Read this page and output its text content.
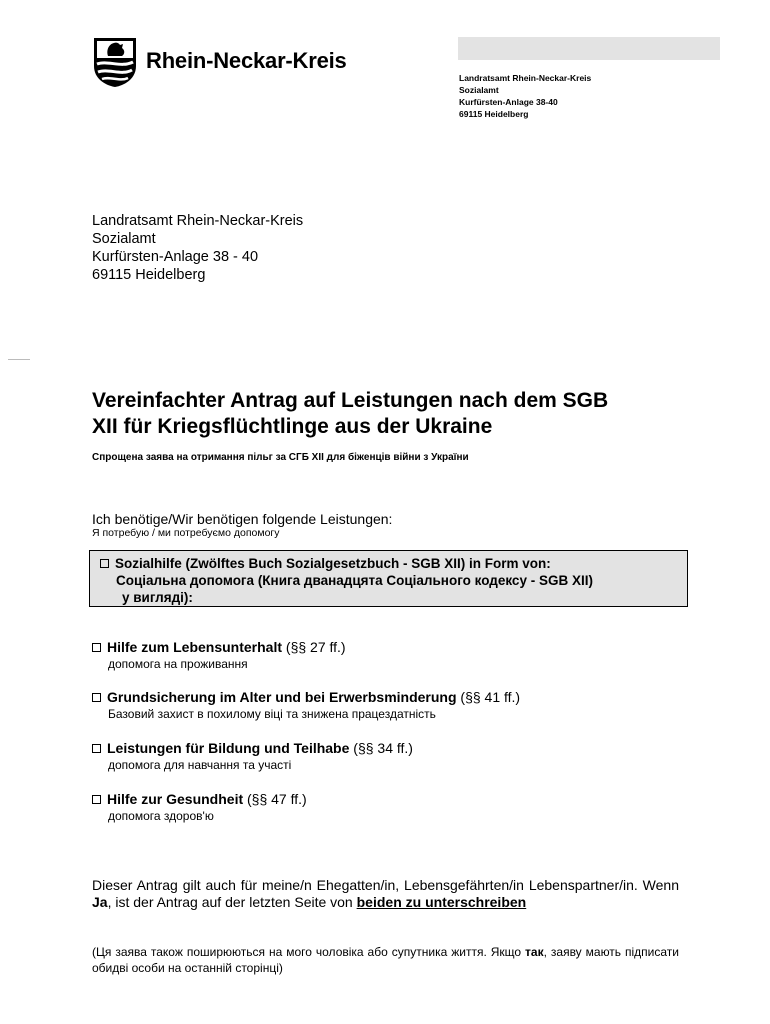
Rhein-Neckar-Kreis
Landratsamt Rhein-Neckar-Kreis
Sozialamt
Kurfürsten-Anlage 38-40
69115 Heidelberg
Landratsamt Rhein-Neckar-Kreis
Sozialamt
Kurfürsten-Anlage 38 - 40
69115 Heidelberg
Vereinfachter Antrag auf Leistungen nach dem SGB
XII für Kriegsflüchtlinge aus der Ukraine
Спрощена заява на отримання пільг за СГБ XII для біженців війни з України
Ich benötige/Wir benötigen folgende Leistungen:
Я потребую / ми потребуємо допомогу
Sozialhilfe (Zwölftes Buch Sozialgesetzbuch - SGB XII) in Form von:
Соціальна допомога (Книга дванадцята Соціального кодексу - SGB XII)
у вигляді):
Hilfe zum Lebensunterhalt (§§ 27 ff.)
допомога на проживання
Grundsicherung im Alter und bei Erwerbsminderung (§§ 41 ff.)
Базовий захист в похилому віці та знижена працездатність
Leistungen für Bildung und Teilhabe (§§ 34 ff.)
допомога для навчання та участі
Hilfe zur Gesundheit (§§ 47 ff.)
допомога здоров'ю
Dieser Antrag gilt auch für meine/n Ehegatten/in, Lebensgefährten/in Lebenspartner/in. Wenn Ja, ist der Antrag auf der letzten Seite von beiden zu unterschreiben
(Ця заява також поширюються на мого чоловіка або супутника життя. Якщо так, заяву мають підписати обидві особи на останній сторінці)
